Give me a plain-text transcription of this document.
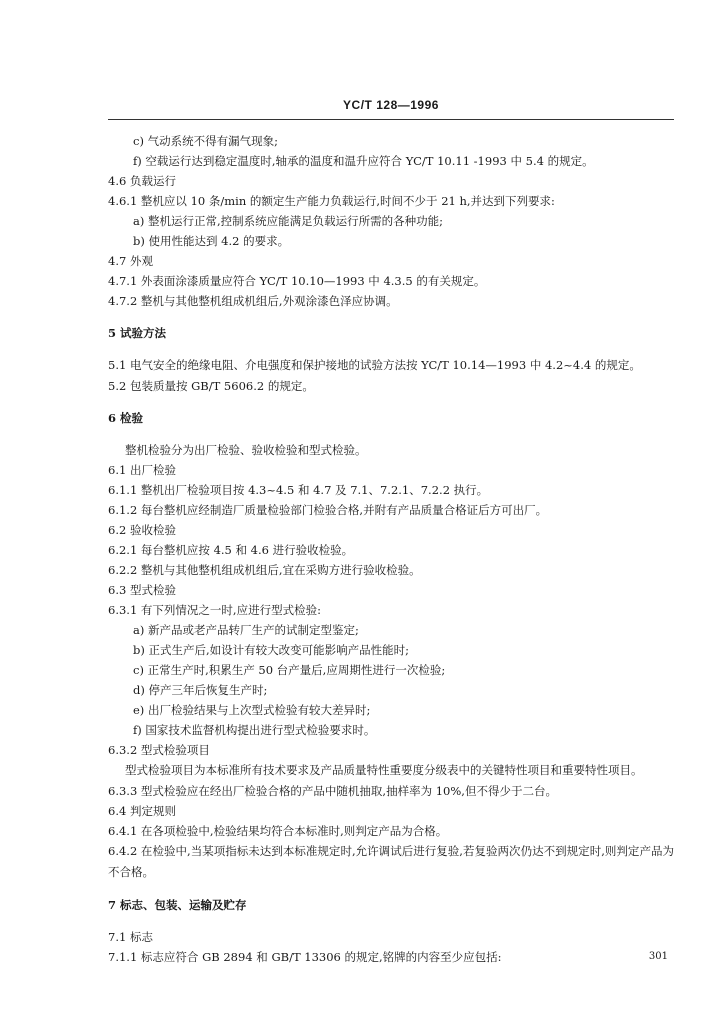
YC/T 128—1996
c) 气动系统不得有漏气现象;
f) 空载运行达到稳定温度时,轴承的温度和温升应符合 YC/T 10.11 -1993 中 5.4 的规定。
4.6 负载运行
4.6.1 整机应以 10 条/min 的额定生产能力负载运行,时间不少于 21 h,并达到下列要求:
a) 整机运行正常,控制系统应能满足负载运行所需的各种功能;
b) 使用性能达到 4.2 的要求。
4.7 外观
4.7.1 外表面涂漆质量应符合 YC/T 10.10—1993 中 4.3.5 的有关规定。
4.7.2 整机与其他整机组成机组后,外观涂漆色泽应协调。
5 试验方法
5.1 电气安全的绝缘电阻、介电强度和保护接地的试验方法按 YC/T 10.14—1993 中 4.2~4.4 的规定。
5.2 包装质量按 GB/T 5606.2 的规定。
6 检验
整机检验分为出厂检验、验收检验和型式检验。
6.1 出厂检验
6.1.1 整机出厂检验项目按 4.3~4.5 和 4.7 及 7.1、7.2.1、7.2.2 执行。
6.1.2 每台整机应经制造厂质量检验部门检验合格,并附有产品质量合格证后方可出厂。
6.2 验收检验
6.2.1 每台整机应按 4.5 和 4.6 进行验收检验。
6.2.2 整机与其他整机组成机组后,宜在采购方进行验收检验。
6.3 型式检验
6.3.1 有下列情况之一时,应进行型式检验:
a) 新产品或老产品转厂生产的试制定型鉴定;
b) 正式生产后,如设计有较大改变可能影响产品性能时;
c) 正常生产时,积累生产 50 台产量后,应周期性进行一次检验;
d) 停产三年后恢复生产时;
e) 出厂检验结果与上次型式检验有较大差异时;
f) 国家技术监督机构提出进行型式检验要求时。
6.3.2 型式检验项目
型式检验项目为本标准所有技术要求及产品质量特性重要度分级表中的关键特性项目和重要特性项目。
6.3.3 型式检验应在经出厂检验合格的产品中随机抽取,抽样率为 10%,但不得少于二台。
6.4 判定规则
6.4.1 在各项检验中,检验结果均符合本标准时,则判定产品为合格。
6.4.2 在检验中,当某项指标未达到本标准规定时,允许调试后进行复验,若复验两次仍达不到规定时,则判定产品为不合格。
7 标志、包装、运输及贮存
7.1 标志
7.1.1 标志应符合 GB 2894 和 GB/T 13306 的规定,铭牌的内容至少应包括:	301
